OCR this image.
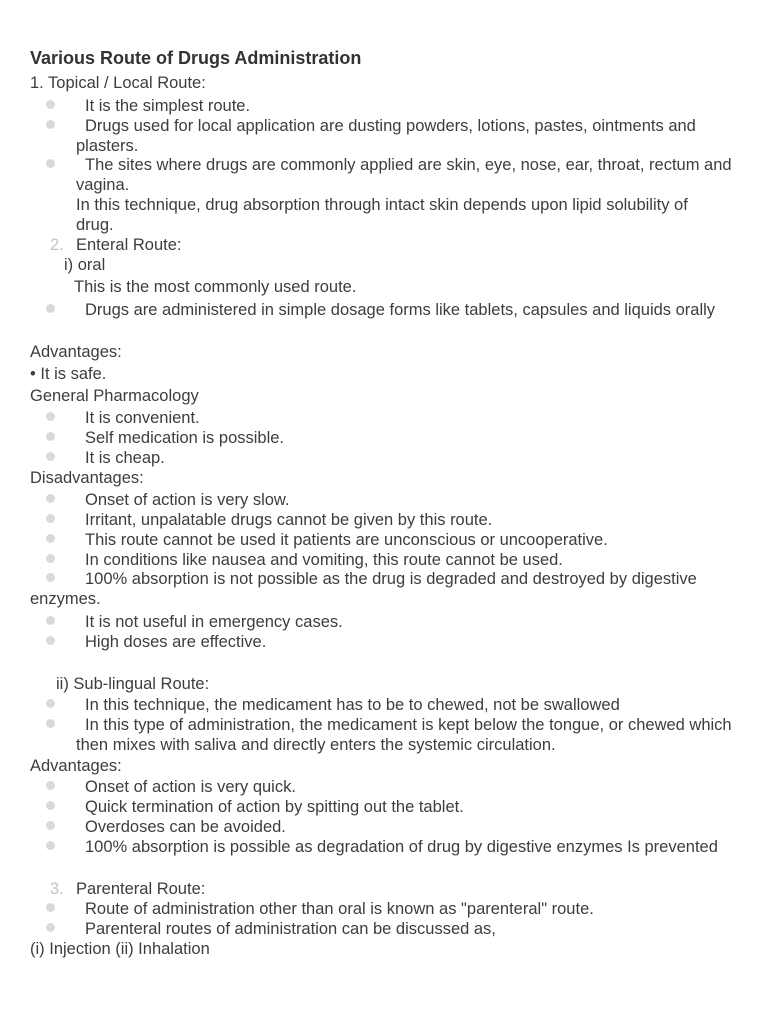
Various Route of Drugs Administration
1. Topical / Local Route:
It is the simplest route.
Drugs used for local application are dusting powders, lotions, pastes, ointments and
plasters.
The sites where drugs are commonly applied are skin, eye, nose, ear, throat, rectum and
vagina.
In this technique, drug absorption through intact skin depends upon lipid solubility of
drug.
2. Enteral Route:
i) oral
This is the most commonly used route.
Drugs are administered in simple dosage forms like tablets, capsules and liquids orally
Advantages:
• It is safe.
General Pharmacology
It is convenient.
Self medication is possible.
It is cheap.
Disadvantages:
Onset of action is very slow.
Irritant, unpalatable drugs cannot be given by this route.
This route cannot be used it patients are unconscious or uncooperative.
In conditions like nausea and vomiting, this route cannot be used.
100% absorption is not possible as the drug is degraded and destroyed by digestive
enzymes.
It is not useful in emergency cases.
High doses are effective.
ii) Sub-lingual Route:
In this technique, the medicament has to be to chewed, not be swallowed
In this type of administration, the medicament is kept below the tongue, or chewed which
then mixes with saliva and directly enters the systemic circulation.
Advantages:
Onset of action is very quick.
Quick termination of action by spitting out the tablet.
Overdoses can be avoided.
100% absorption is possible as degradation of drug by digestive enzymes Is prevented
3. Parenteral Route:
Route of administration other than oral is known as "parenteral" route.
Parenteral routes of administration can be discussed as,
(i) Injection (ii) Inhalation
